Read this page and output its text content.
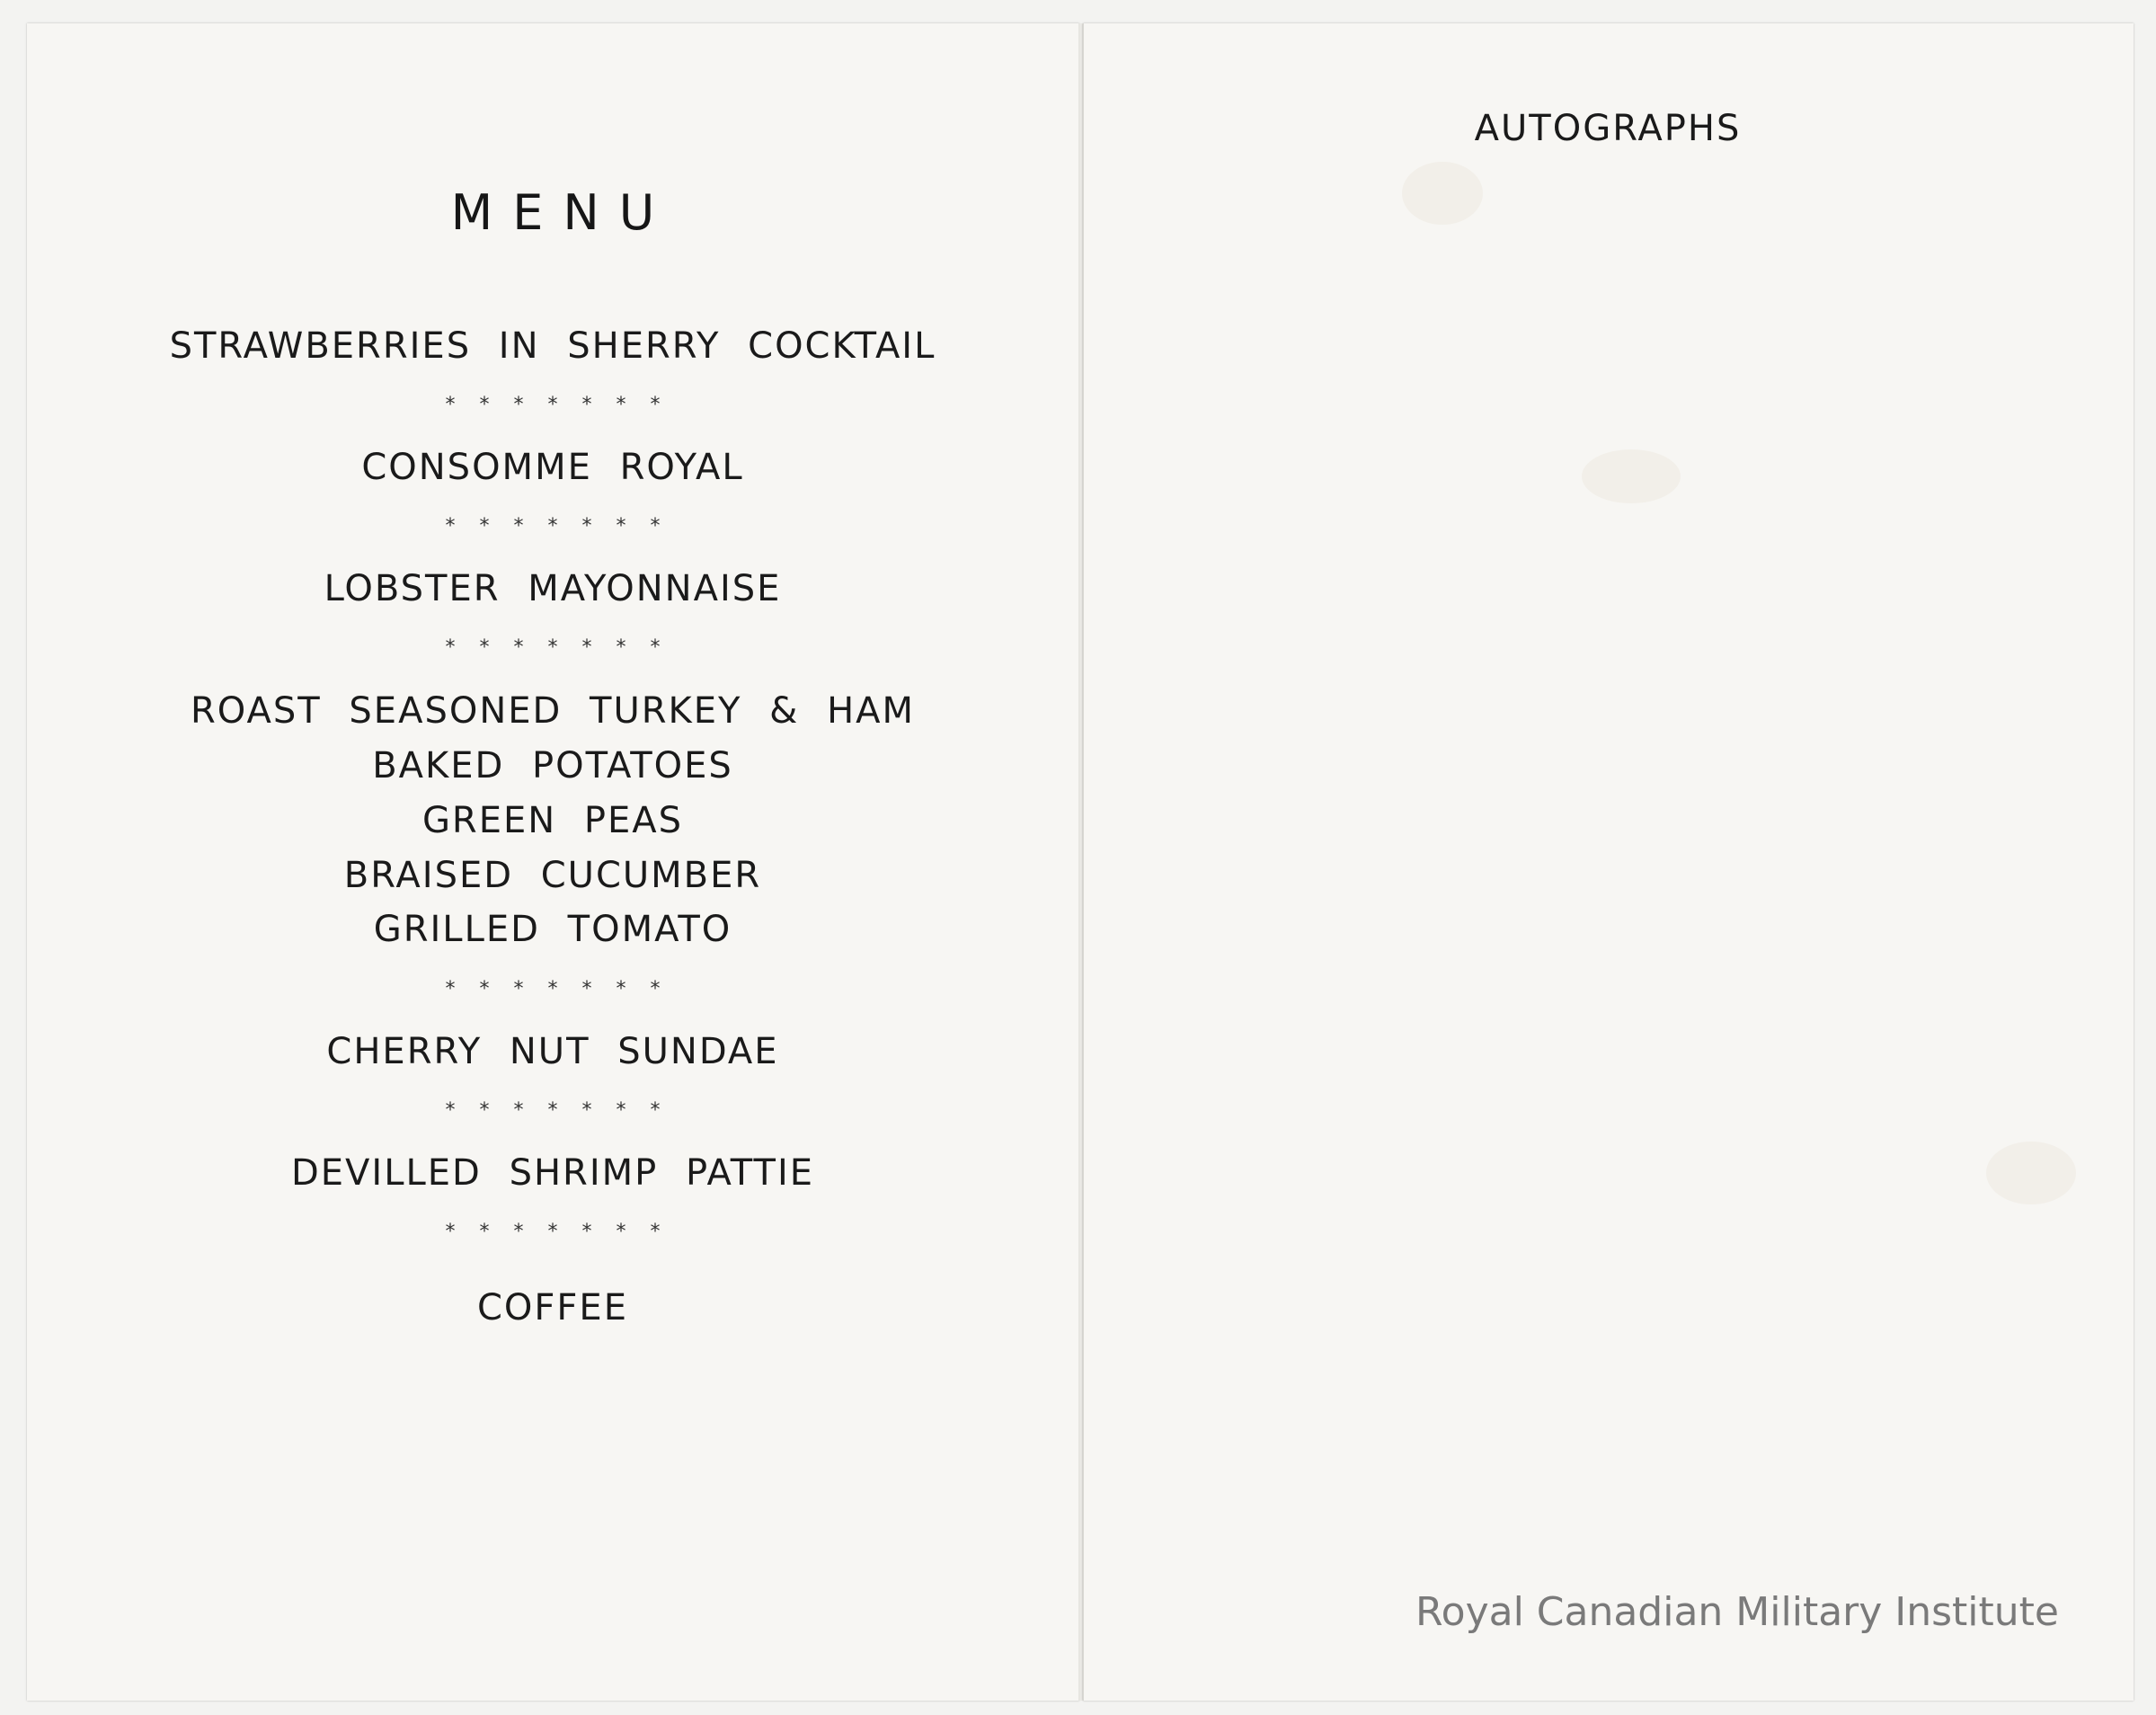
MENU
STRAWBERRIES IN SHERRY COCKTAIL
* * * * * * *
CONSOMME ROYAL
* * * * * * *
LOBSTER MAYONNAISE
* * * * * * *
ROAST SEASONED TURKEY & HAM
BAKED POTATOES
GREEN PEAS
BRAISED CUCUMBER
GRILLED TOMATO
* * * * * * *
CHERRY NUT SUNDAE
* * * * * * *
DEVILLED SHRIMP PATTIE
* * * * * * *
COFFEE
AUTOGRAPHS
Royal Canadian Military Institute
